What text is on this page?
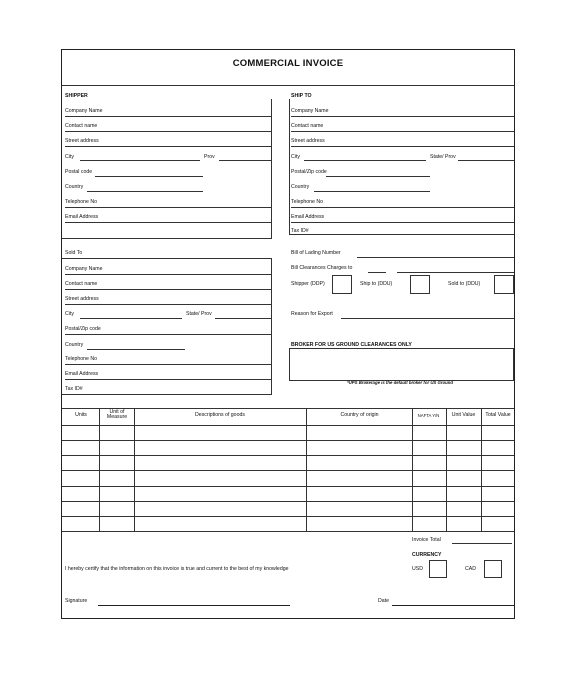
COMMERCIAL INVOICE
SHIPPER
Company Name
Contact name
Street address
City	Prov
Postal code
Country
Telephone No
Email Address
SHIP TO
Company Name
Contact name
Street address
City	State/ Prov
Postal/Zip code
Country
Telephone No
Email Address
Tax ID#
Sold To
Company Name
Contact name
Street address
City	State/ Prov
Postal/Zip code
Country
Telephone No
Email Address
Tax ID#
Bill of Lading Number
Bill Clearances Charges to
Shipper (DDP)	Ship to (DDU)	Sold to (DDU)
Reason for Export
BROKER FOR US GROUND CLEARANCES ONLY
*UPS Brokerage is the default broker for US Ground
Units	Unit of Measure	Descriptions of goods	Country of origin	NAFTA Y/N	Unit Value	Total Value
Invoice Total
CURRENCY
USD	CAD
I hereby certify that the information on this invoice is true and current to the best of my knowledge
Signature	Date
